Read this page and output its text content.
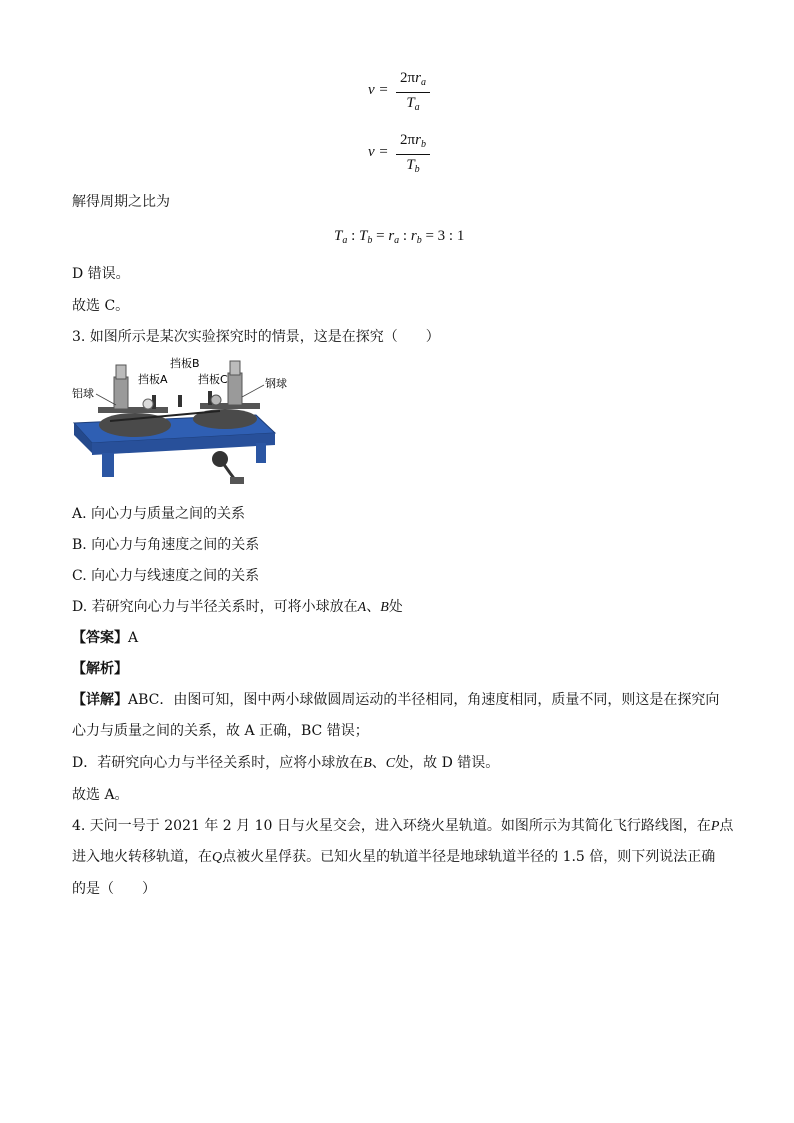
v =
$2\pi r_a$
$T_a$
v =
$2\pi r_b$
$T_b$
解得周期之比为
$T_a$ : $T_b = r_a$ : $r_b = 3$ : 1
D 错误。
故选 C。
3. 如图所示是某次实验探究时的情景，这是在探究（　　）
铝球
挡板A
挡板B
挡板C	钢球
A. 向心力与质量之间的关系
B. 向心力与角速度之间的关系
C. 向心力与线速度之间的关系
D. 若研究向心力与半径关系时，可将小球放在A、B处
【答案】A
【解析】
【详解】ABC．由图可知，图中两小球做圆周运动的半径相同，角速度相同，质量不同，则这是在探究向
心力与质量之间的关系，故 A 正确，BC 错误；
D．若研究向心力与半径关系时，应将小球放在B、C处，故 D 错误。
故选 A。
4. 天问一号于 2021 年 2 月 10 日与火星交会，进入环绕火星轨道。如图所示为其简化飞行路线图，在P点
进入地火转移轨道，在Q点被火星俘获。已知火星的轨道半径是地球轨道半径的 1.5 倍，则下列说法正确
的是（　　）
